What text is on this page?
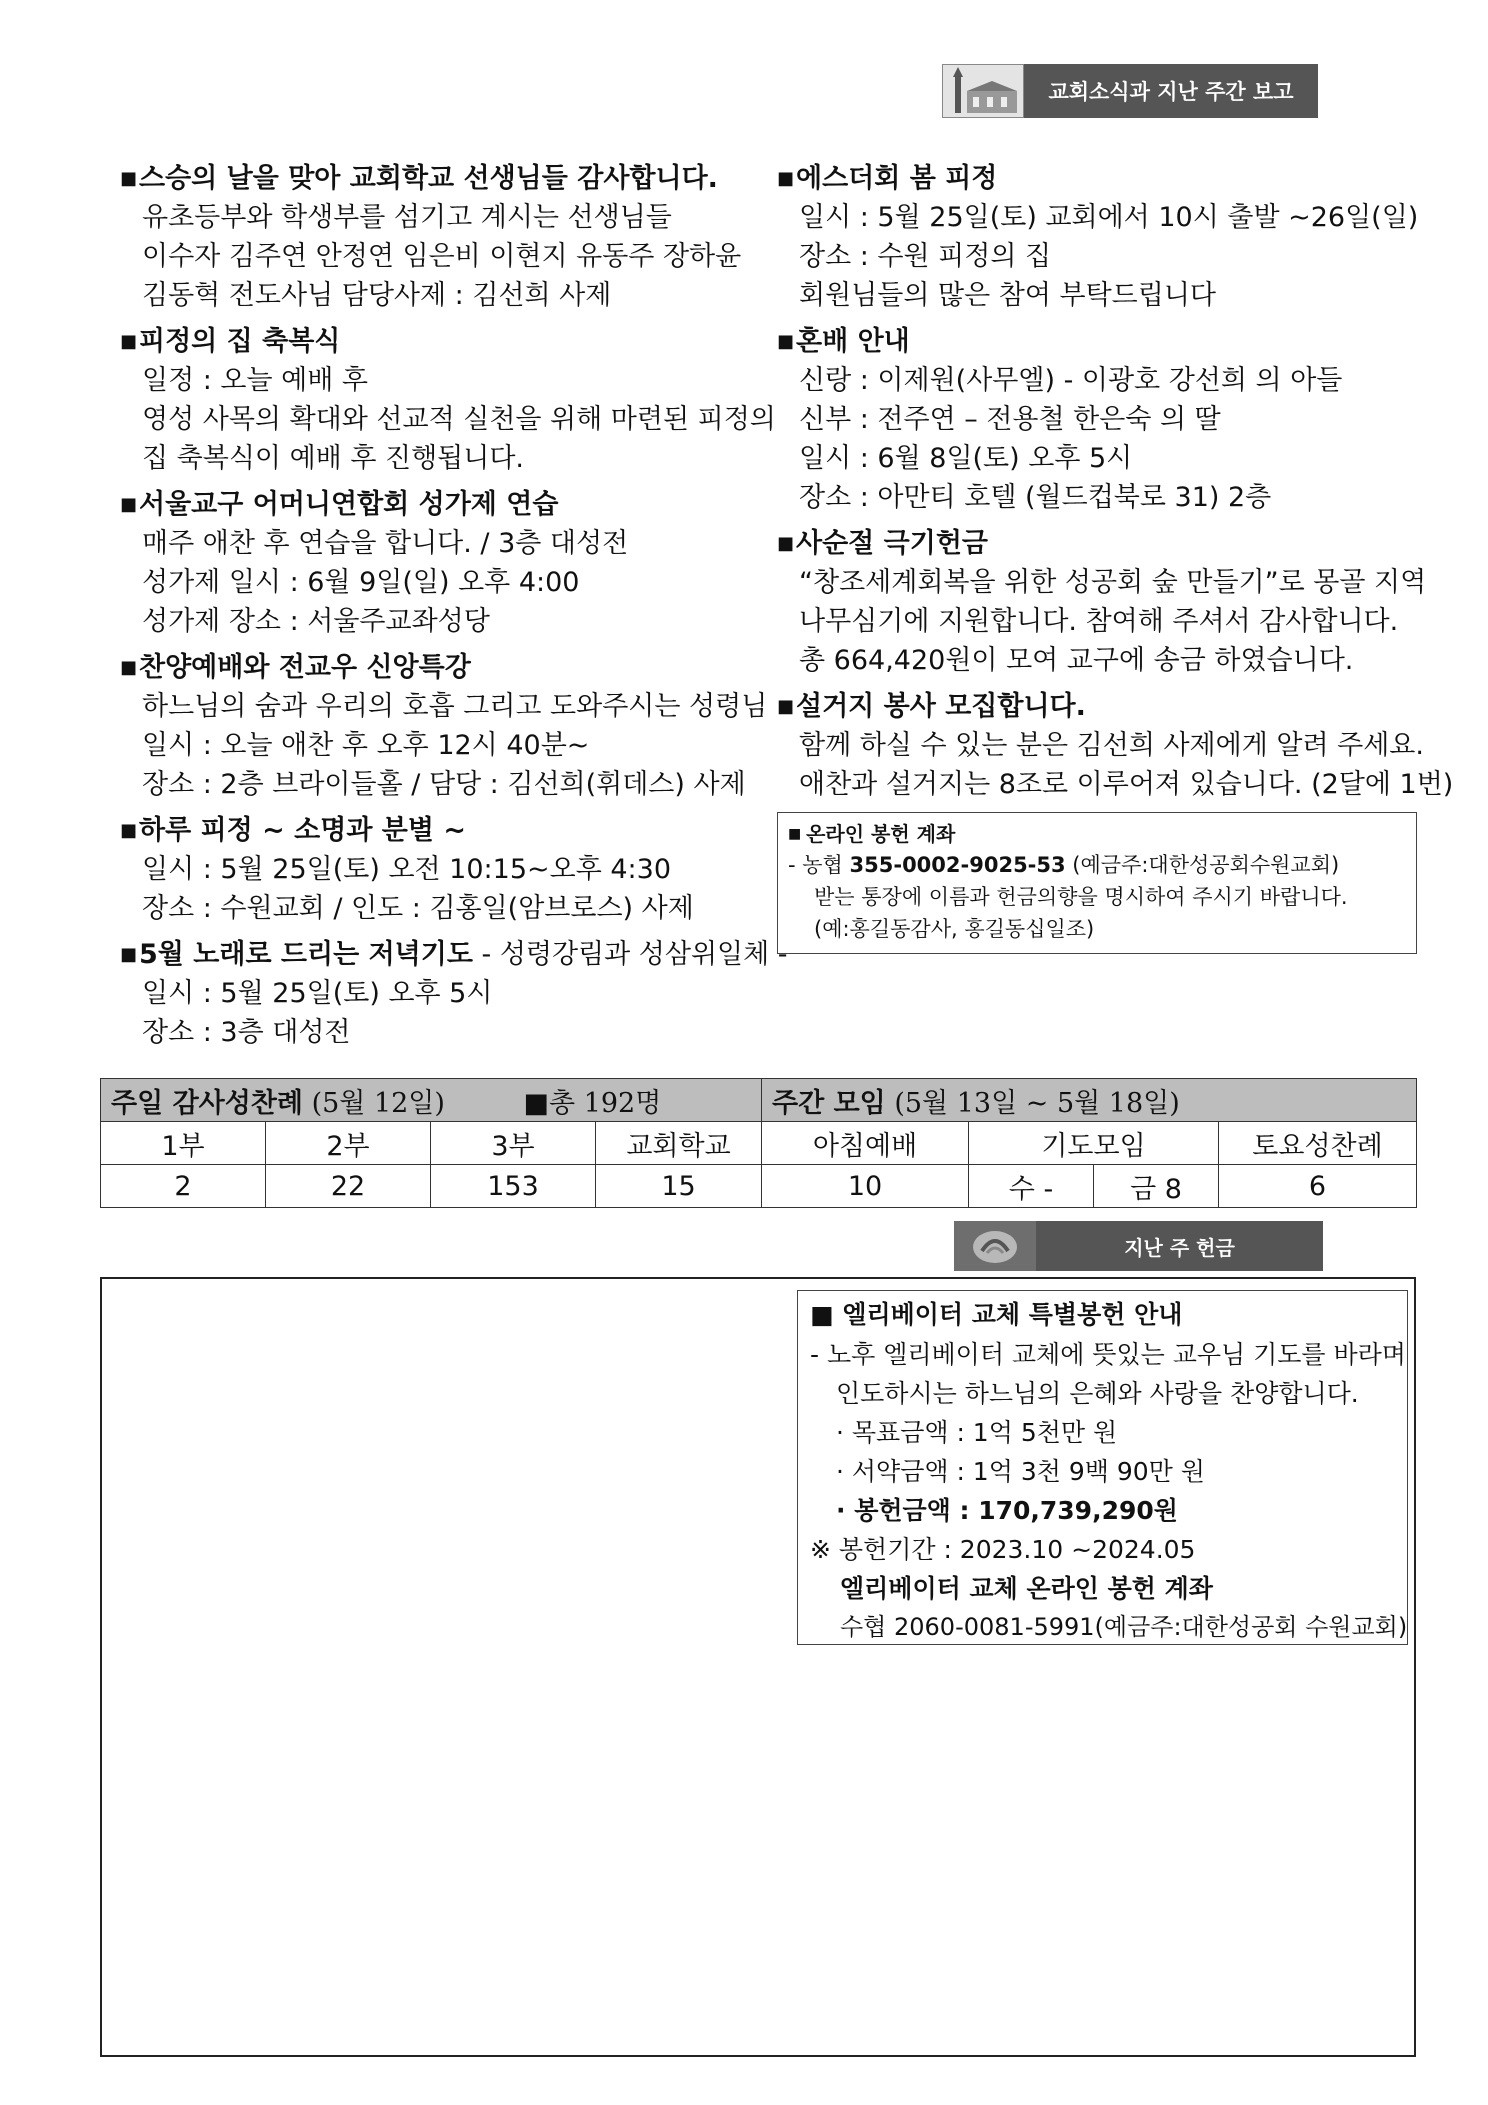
교회소식과 지난 주간 보고
■스승의 날을 맞아 교회학교 선생님들 감사합니다.
유초등부와 학생부를 섬기고 계시는 선생님들
이수자 김주연 안정연 임은비 이현지 유동주 장하윤
김동혁 전도사님 담당사제 : 김선희 사제
■피정의 집 축복식
일정 : 오늘 예배 후
영성 사목의 확대와 선교적 실천을 위해 마련된 피정의
집 축복식이 예배 후 진행됩니다.
■서울교구 어머니연합회 성가제 연습
매주 애찬 후 연습을 합니다. / 3층 대성전
성가제 일시 : 6월 9일(일) 오후 4:00
성가제 장소 : 서울주교좌성당
■찬양예배와 전교우 신앙특강
하느님의 숨과 우리의 호흡 그리고 도와주시는 성령님
일시 : 오늘 애찬 후 오후 12시 40분~
장소 : 2층 브라이들홀 / 담당 : 김선희(휘데스) 사제
■하루 피정 ~ 소명과 분별 ~
일시 : 5월 25일(토) 오전 10:15~오후 4:30
장소 : 수원교회 / 인도 : 김홍일(암브로스) 사제
■5월 노래로 드리는 저녁기도 - 성령강림과 성삼위일체 -
일시 : 5월 25일(토) 오후 5시
장소 : 3층 대성전
■에스더회 봄 피정
일시 : 5월 25일(토) 교회에서 10시 출발 ~26일(일)
장소 : 수원 피정의 집
회원님들의 많은 참여 부탁드립니다
■혼배 안내
신랑 : 이제원(사무엘) - 이광호 강선희 의 아들
신부 : 전주연 – 전용철 한은숙 의 딸
일시 : 6월 8일(토) 오후 5시
장소 : 아만티 호텔 (월드컵북로 31) 2층
■사순절 극기헌금
“창조세계회복을 위한 성공회 숲 만들기”로 몽골 지역
나무심기에 지원합니다. 참여해 주셔서 감사합니다.
총 664,420원이 모여 교구에 송금 하였습니다.
■설거지 봉사 모집합니다.
함께 하실 수 있는 분은 김선희 사제에게 알려 주세요.
애찬과 설거지는 8조로 이루어져 있습니다. (2달에 1번)
■ 온라인 봉헌 계좌
- 농협 355-0002-9025-53 (예금주:대한성공회수원교회)
받는 통장에 이름과 헌금의향을 명시하여 주시기 바랍니다.
(예:홍길동감사, 홍길동십일조)
주일 감사성찬례 (5월 12일) ■총 192명				주간 모임 (5월 13일 ~ 5월 18일)			
1부	2부	3부	교회학교	아침예배	기도모임		토요성찬례
2	22	153	15	10	수 -	금 8	6
지난 주 헌금
■ 엘리베이터 교체 특별봉헌 안내
- 노후 엘리베이터 교체에 뜻있는 교우님 기도를 바라며
인도하시는 하느님의 은혜와 사랑을 찬양합니다.
· 목표금액 : 1억 5천만 원
· 서약금액 : 1억 3천 9백 90만 원
· 봉헌금액 : 170,739,290원
※ 봉헌기간 : 2023.10 ~2024.05
엘리베이터 교체 온라인 봉헌 계좌
수협 2060-0081-5991(예금주:대한성공회 수원교회)
